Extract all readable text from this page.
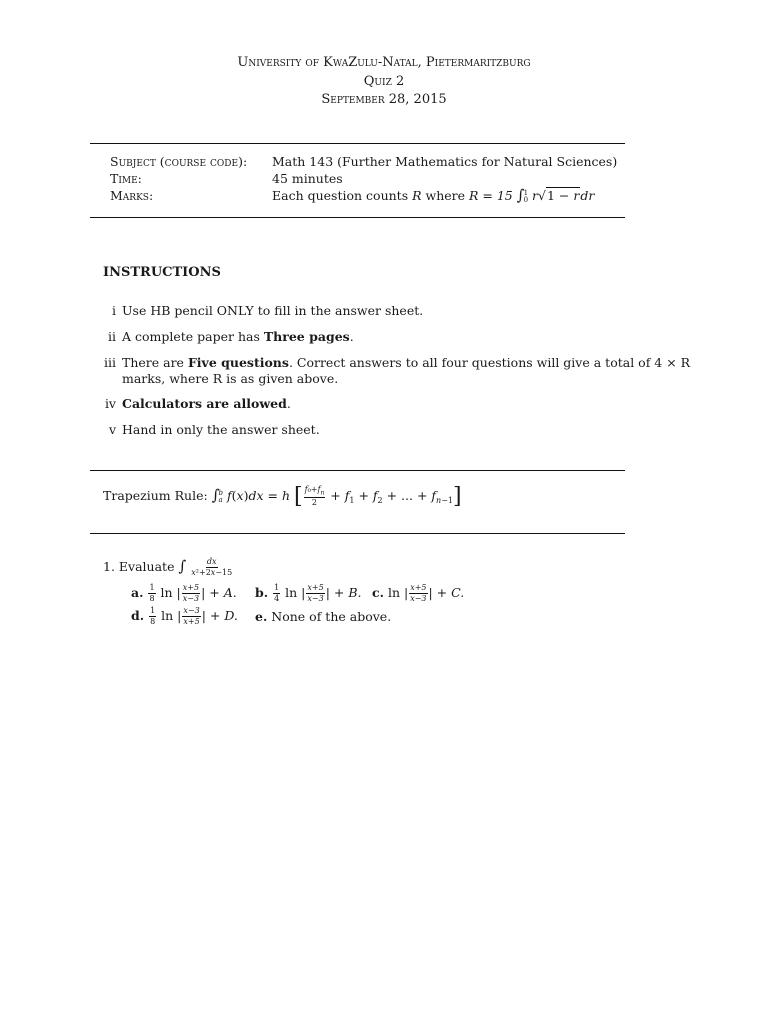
University of KwaZulu-Natal, Pietermaritzburg
Quiz 2
September 28, 2015
Subject (course code): Math 143 (Further Mathematics for Natural Sciences)
Time:	45 minutes
Marks:	Each question counts R where R = 15 ∫ 1
0 r√1 − rdr
INSTRUCTIONS
i Use HB pencil ONLY to fill in the answer sheet.
ii A complete paper has Three pages.
iii There are Five questions. Correct answers to all four questions will give a total of 4 × R
marks, where R is as given above.
iv Calculators are allowed.
v Hand in only the answer sheet.
Trapezium Rule: ∫ b
a f(x)dx = h [ $\frac{f_0+f_n}{2} + f_1 + f_2$ + ... + $f_{n-1}$]
1. Evaluate ∫ $\frac{dx}{\text{x²+2x−15}}$
a. $\frac{1}{8}$ ln | $\frac{x+5}{x-3}$ | + A. b. $\frac{1}{4}$ ln | $\frac{x+5}{x-3}$ | + B. c. ln | $\frac{x+5}{x-3}$ | + C.
d. $\frac{1}{8}$ ln | $\frac{x-3}{x+5}$ | + D. e. None of the above.
